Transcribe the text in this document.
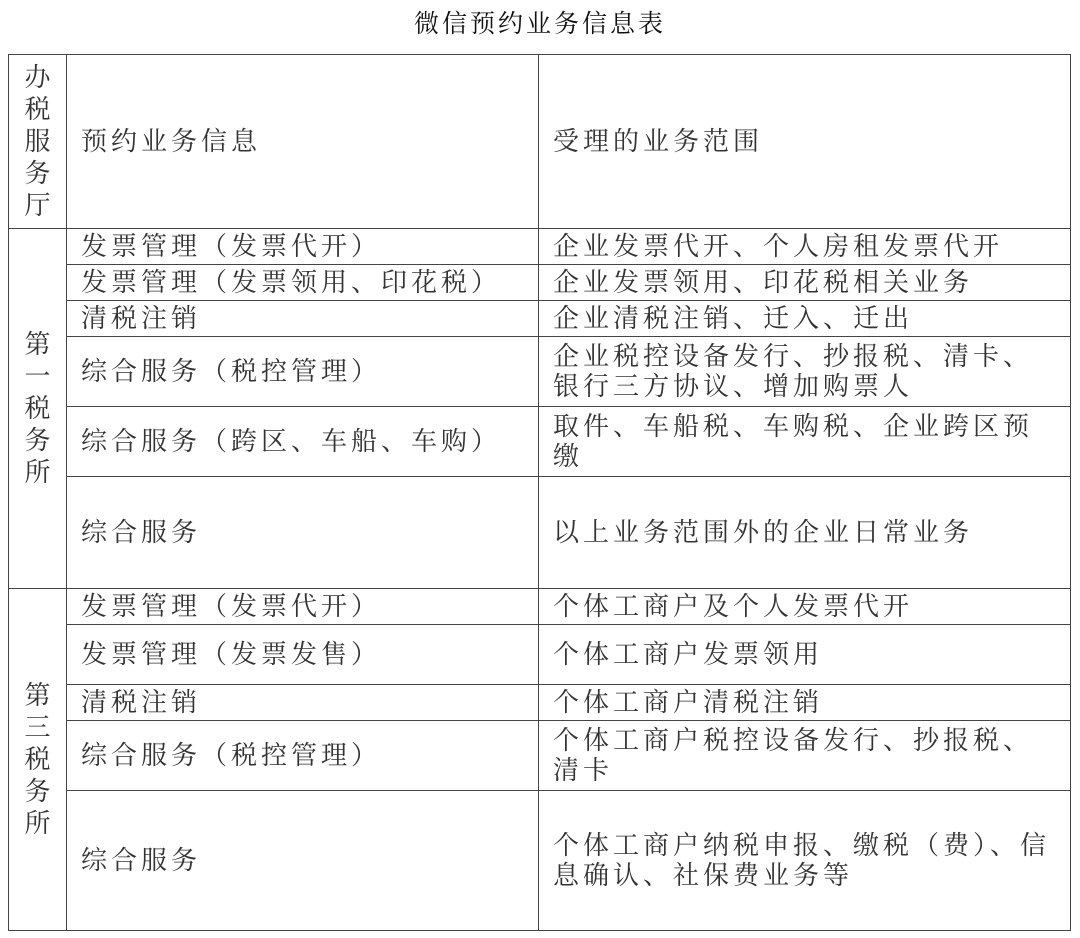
微信预约业务信息表
办税服务厅	预约业务信息	受理的业务范围
第一税务所	发票管理（发票代开）	企业发票代开、个人房租发票代开
	发票管理（发票领用、印花税）	企业发票领用、印花税相关业务
	清税注销	企业清税注销、迁入、迁出
	综合服务（税控管理）	企业税控设备发行、抄报税、清卡、银行三方协议、增加购票人
	综合服务（跨区、车船、车购）	取件、车船税、车购税、企业跨区预缴
	综合服务	以上业务范围外的企业日常业务
第三税务所	发票管理（发票代开）	个体工商户及个人发票代开
	发票管理（发票发售）	个体工商户发票领用
	清税注销	个体工商户清税注销
	综合服务（税控管理）	个体工商户税控设备发行、抄报税、清卡
	综合服务	个体工商户纳税申报、缴税（费）、信息确认、社保费业务等
